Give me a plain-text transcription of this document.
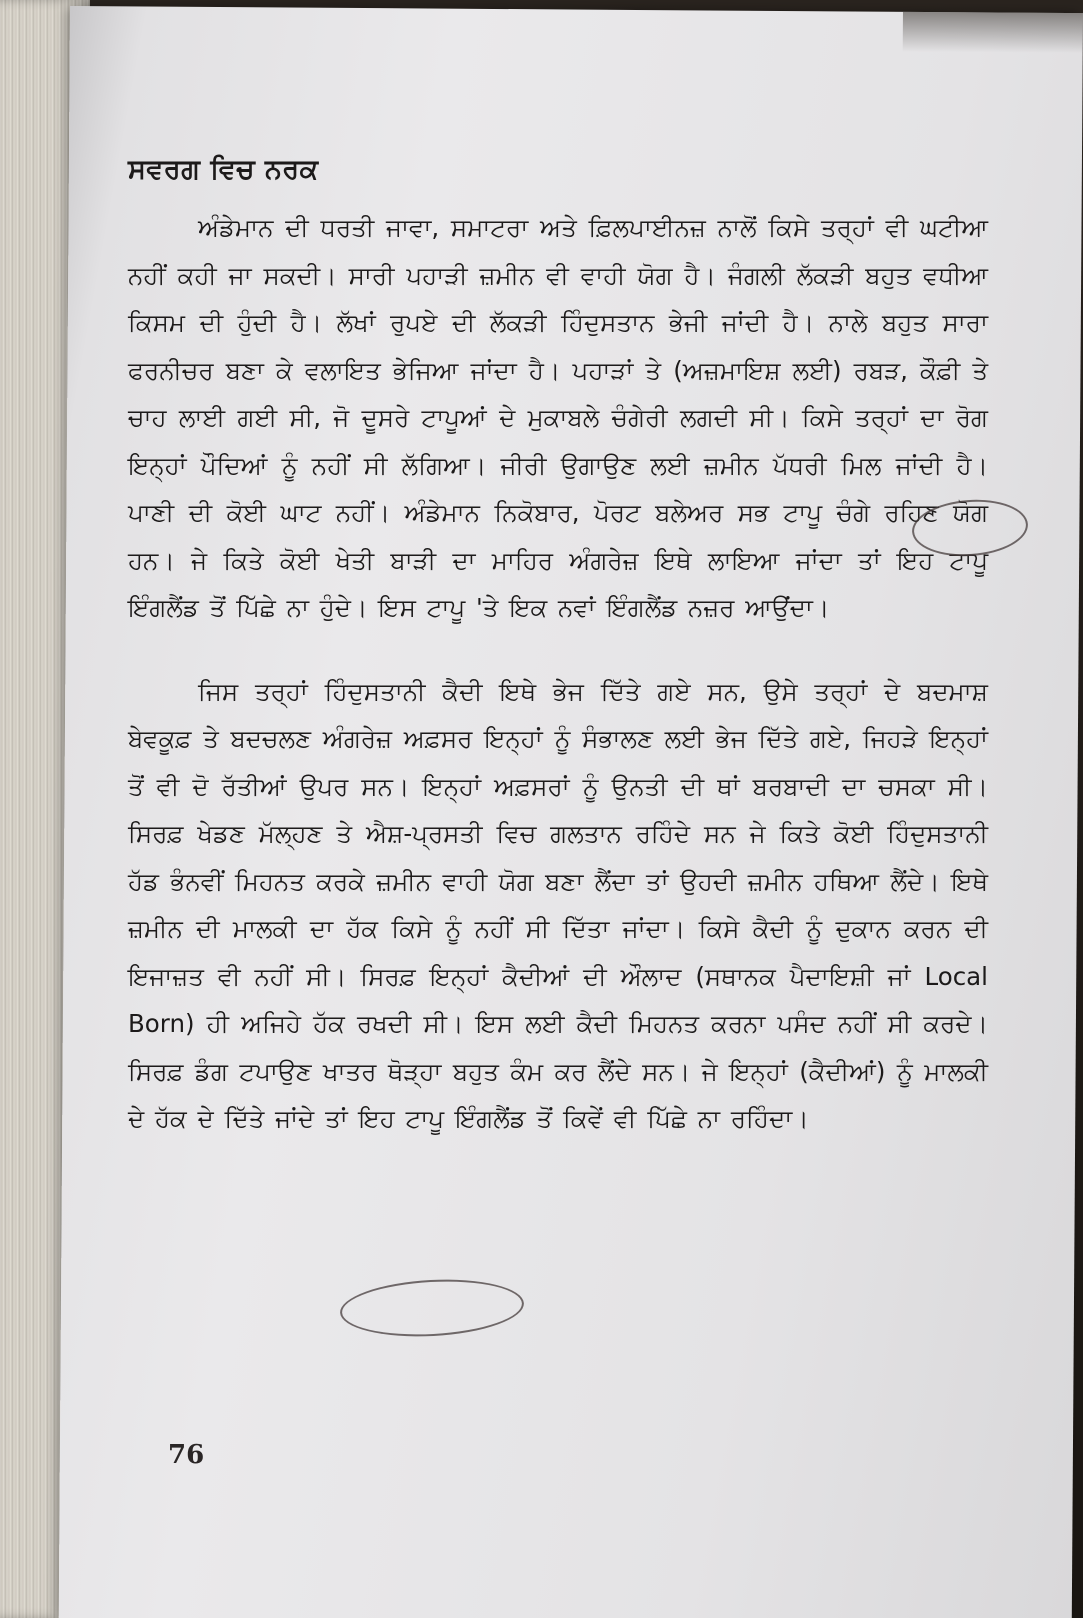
ਸਵਰਗ ਵਿਚ ਨਰਕ

ਅੰਡੇਮਾਨ ਦੀ ਧਰਤੀ ਜਾਵਾ, ਸਮਾਟਰਾ ਅਤੇ ਫ਼ਿਲਪਾਈਨਜ਼ ਨਾਲੋਂ ਕਿਸੇ ਤਰ੍ਹਾਂ ਵੀ ਘਟੀਆ ਨਹੀਂ ਕਹੀ ਜਾ ਸਕਦੀ। ਸਾਰੀ ਪਹਾੜੀ ਜ਼ਮੀਨ ਵੀ ਵਾਹੀ ਯੋਗ ਹੈ। ਜੰਗਲੀ ਲੱਕੜੀ ਬਹੁਤ ਵਧੀਆ ਕਿਸਮ ਦੀ ਹੁੰਦੀ ਹੈ। ਲੱਖਾਂ ਰੁਪਏ ਦੀ ਲੱਕੜੀ ਹਿੰਦੁਸਤਾਨ ਭੇਜੀ ਜਾਂਦੀ ਹੈ। ਨਾਲੇ ਬਹੁਤ ਸਾਰਾ ਫਰਨੀਚਰ ਬਣਾ ਕੇ ਵਲਾਇਤ ਭੇਜਿਆ ਜਾਂਦਾ ਹੈ। ਪਹਾੜਾਂ ਤੇ (ਅਜ਼ਮਾਇਸ਼ ਲਈ) ਰਬੜ, ਕੌਫ਼ੀ ਤੇ ਚਾਹ ਲਾਈ ਗਈ ਸੀ, ਜੋ ਦੂਸਰੇ ਟਾਪੂਆਂ ਦੇ ਮੁਕਾਬਲੇ ਚੰਗੇਰੀ ਲਗਦੀ ਸੀ। ਕਿਸੇ ਤਰ੍ਹਾਂ ਦਾ ਰੋਗ ਇਨ੍ਹਾਂ ਪੌਦਿਆਂ ਨੂੰ ਨਹੀਂ ਸੀ ਲੱਗਿਆ। ਜੀਰੀ ਉਗਾਉਣ ਲਈ ਜ਼ਮੀਨ ਪੱਧਰੀ ਮਿਲ ਜਾਂਦੀ ਹੈ। ਪਾਣੀ ਦੀ ਕੋਈ ਘਾਟ ਨਹੀਂ। ਅੰਡੇਮਾਨ ਨਿਕੋਬਾਰ, ਪੋਰਟ ਬਲੇਅਰ ਸਭ ਟਾਪੂ ਚੰਗੇ ਰਹਿਣ ਯੋਗ ਹਨ। ਜੇ ਕਿਤੇ ਕੋਈ ਖੇਤੀ ਬਾੜੀ ਦਾ ਮਾਹਿਰ ਅੰਗਰੇਜ਼ ਇਥੇ ਲਾਇਆ ਜਾਂਦਾ ਤਾਂ ਇਹ ਟਾਪੂ ਇੰਗਲੈਂਡ ਤੋਂ ਪਿੱਛੇ ਨਾ ਹੁੰਦੇ। ਇਸ ਟਾਪੂ 'ਤੇ ਇਕ ਨਵਾਂ ਇੰਗਲੈਂਡ ਨਜ਼ਰ ਆਉਂਦਾ।

ਜਿਸ ਤਰ੍ਹਾਂ ਹਿੰਦੁਸਤਾਨੀ ਕੈਦੀ ਇਥੇ ਭੇਜ ਦਿੱਤੇ ਗਏ ਸਨ, ਉਸੇ ਤਰ੍ਹਾਂ ਦੇ ਬਦਮਾਸ਼ ਬੇਵਕੂਫ਼ ਤੇ ਬਦਚਲਣ ਅੰਗਰੇਜ਼ ਅਫ਼ਸਰ ਇਨ੍ਹਾਂ ਨੂੰ ਸੰਭਾਲਣ ਲਈ ਭੇਜ ਦਿੱਤੇ ਗਏ, ਜਿਹੜੇ ਇਨ੍ਹਾਂ ਤੋਂ ਵੀ ਦੋ ਰੱਤੀਆਂ ਉਪਰ ਸਨ। ਇਨ੍ਹਾਂ ਅਫ਼ਸਰਾਂ ਨੂੰ ਉਨਤੀ ਦੀ ਥਾਂ ਬਰਬਾਦੀ ਦਾ ਚਸਕਾ ਸੀ। ਸਿਰਫ਼ ਖੇਡਣ ਮੱਲ੍ਹਣ ਤੇ ਐਸ਼-ਪ੍ਰਸਤੀ ਵਿਚ ਗਲਤਾਨ ਰਹਿੰਦੇ ਸਨ ਜੇ ਕਿਤੇ ਕੋਈ ਹਿੰਦੁਸਤਾਨੀ ਹੱਡ ਭੰਨਵੀਂ ਮਿਹਨਤ ਕਰਕੇ ਜ਼ਮੀਨ ਵਾਹੀ ਯੋਗ ਬਣਾ ਲੈਂਦਾ ਤਾਂ ਉਹਦੀ ਜ਼ਮੀਨ ਹਥਿਆ ਲੈਂਦੇ। ਇਥੇ ਜ਼ਮੀਨ ਦੀ ਮਾਲਕੀ ਦਾ ਹੱਕ ਕਿਸੇ ਨੂੰ ਨਹੀਂ ਸੀ ਦਿੱਤਾ ਜਾਂਦਾ। ਕਿਸੇ ਕੈਦੀ ਨੂੰ ਦੁਕਾਨ ਕਰਨ ਦੀ ਇਜਾਜ਼ਤ ਵੀ ਨਹੀਂ ਸੀ। ਸਿਰਫ਼ ਇਨ੍ਹਾਂ ਕੈਦੀਆਂ ਦੀ ਔਲਾਦ (ਸਥਾਨਕ ਪੈਦਾਇਸ਼ੀ ਜਾਂ Local Born) ਹੀ ਅਜਿਹੇ ਹੱਕ ਰਖਦੀ ਸੀ। ਇਸ ਲਈ ਕੈਦੀ ਮਿਹਨਤ ਕਰਨਾ ਪਸੰਦ ਨਹੀਂ ਸੀ ਕਰਦੇ। ਸਿਰਫ਼ ਡੰਗ ਟਪਾਉਣ ਖਾਤਰ ਥੋੜ੍ਹਾ ਬਹੁਤ ਕੰਮ ਕਰ ਲੈਂਦੇ ਸਨ। ਜੇ ਇਨ੍ਹਾਂ (ਕੈਦੀਆਂ) ਨੂੰ ਮਾਲਕੀ ਦੇ ਹੱਕ ਦੇ ਦਿੱਤੇ ਜਾਂਦੇ ਤਾਂ ਇਹ ਟਾਪੂ ਇੰਗਲੈਂਡ ਤੋਂ ਕਿਵੇਂ ਵੀ ਪਿੱਛੇ ਨਾ ਰਹਿੰਦਾ।

76
